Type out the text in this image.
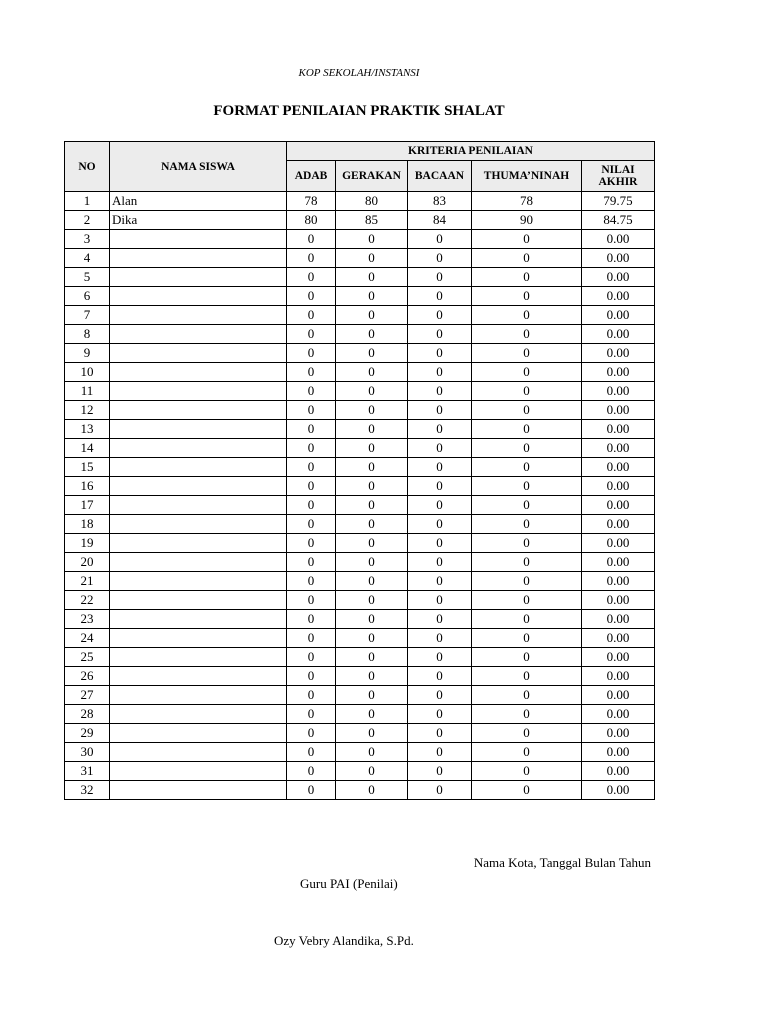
KOP SEKOLAH/INSTANSI
FORMAT PENILAIAN PRAKTIK SHALAT
NO	NAMA SISWA	KRITERIA PENILAIAN				
		ADAB	GERAKAN	BACAAN	THUMA’NINAH	NILAI
AKHIR
1	Alan	78	80	83	78	79.75
2	Dika	80	85	84	90	84.75
3		0	0	0	0	0.00
4		0	0	0	0	0.00
5		0	0	0	0	0.00
6		0	0	0	0	0.00
7		0	0	0	0	0.00
8		0	0	0	0	0.00
9		0	0	0	0	0.00
10		0	0	0	0	0.00
11		0	0	0	0	0.00
12		0	0	0	0	0.00
13		0	0	0	0	0.00
14		0	0	0	0	0.00
15		0	0	0	0	0.00
16		0	0	0	0	0.00
17		0	0	0	0	0.00
18		0	0	0	0	0.00
19		0	0	0	0	0.00
20		0	0	0	0	0.00
21		0	0	0	0	0.00
22		0	0	0	0	0.00
23		0	0	0	0	0.00
24		0	0	0	0	0.00
25		0	0	0	0	0.00
26		0	0	0	0	0.00
27		0	0	0	0	0.00
28		0	0	0	0	0.00
29		0	0	0	0	0.00
30		0	0	0	0	0.00
31		0	0	0	0	0.00
32		0	0	0	0	0.00
Nama Kota, Tanggal Bulan Tahun
Guru PAI (Penilai)
Ozy Vebry Alandika, S.Pd.
